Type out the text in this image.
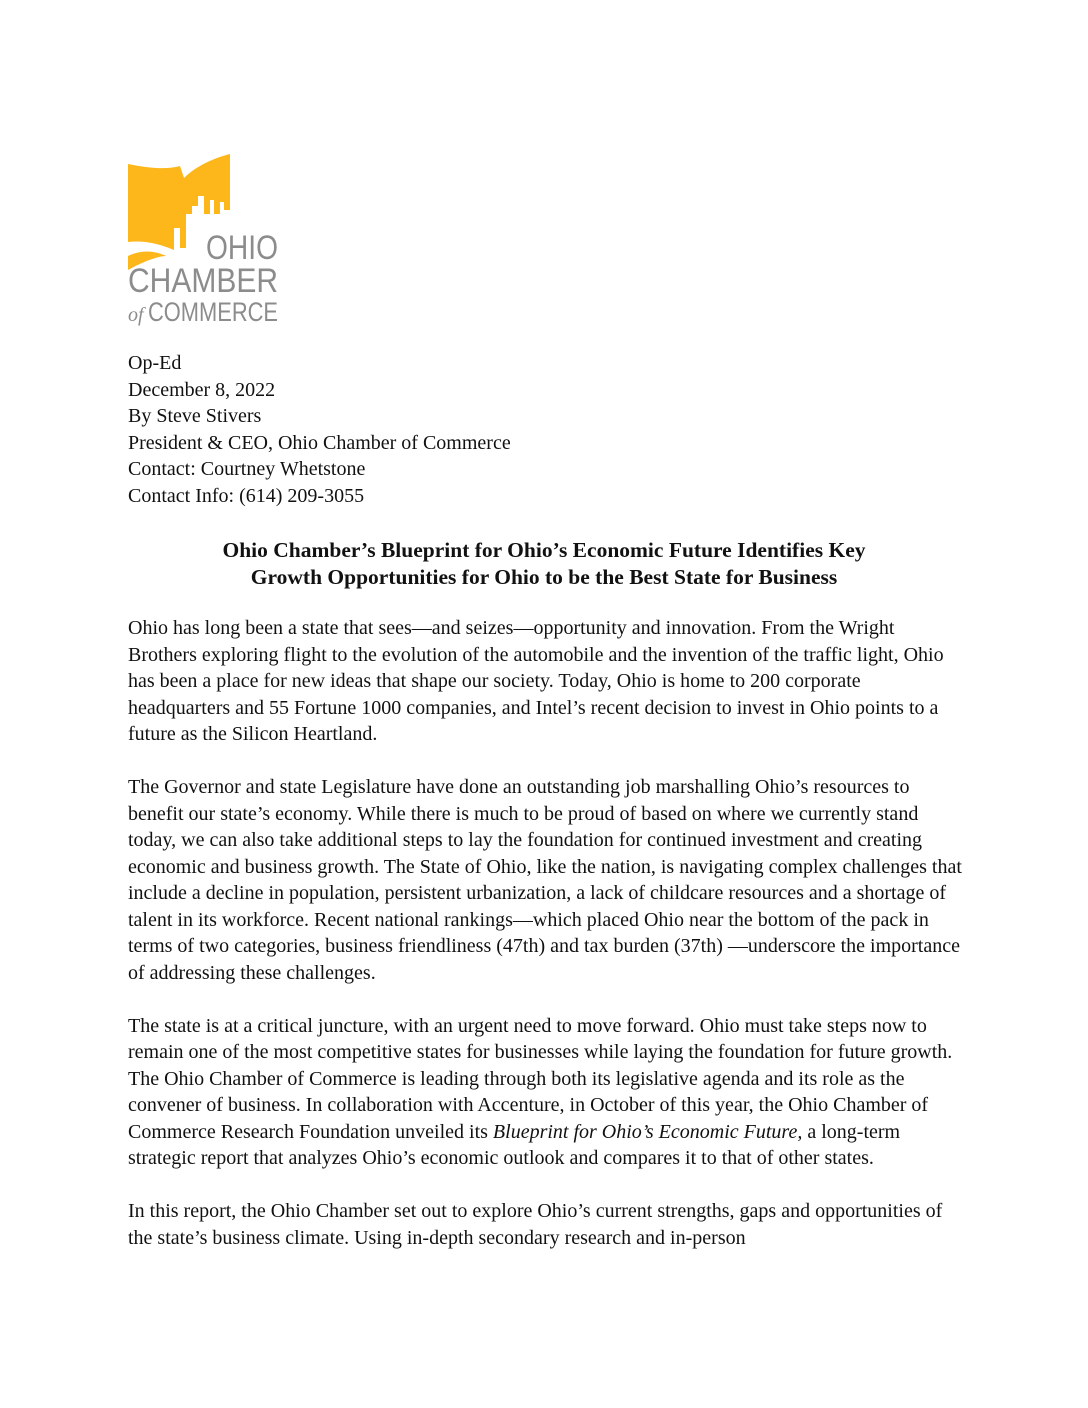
OHIO
CHAMBER
of COMMERCE
Op-Ed
December 8, 2022
By Steve Stivers
President & CEO, Ohio Chamber of Commerce
Contact: Courtney Whetstone
Contact Info: (614) 209-3055
Ohio Chamber’s Blueprint for Ohio’s Economic Future Identifies Key
Growth Opportunities for Ohio to be the Best State for Business

Ohio has long been a state that sees—and seizes—opportunity and innovation. From the Wright Brothers exploring flight to the evolution of the automobile and the invention of the traffic light, Ohio has been a place for new ideas that shape our society. Today, Ohio is home to 200 corporate headquarters and 55 Fortune 1000 companies, and Intel’s recent decision to invest in Ohio points to a future as the Silicon Heartland.

The Governor and state Legislature have done an outstanding job marshalling Ohio’s resources to benefit our state’s economy. While there is much to be proud of based on where we currently stand today, we can also take additional steps to lay the foundation for continued investment and creating economic and business growth. The State of Ohio, like the nation, is navigating complex challenges that include a decline in population, persistent urbanization, a lack of childcare resources and a shortage of talent in its workforce. Recent national rankings—which placed Ohio near the bottom of the pack in terms of two categories, business friendliness (47th) and tax burden (37th) —underscore the importance of addressing these challenges.

The state is at a critical juncture, with an urgent need to move forward. Ohio must take steps now to remain one of the most competitive states for businesses while laying the foundation for future growth. The Ohio Chamber of Commerce is leading through both its legislative agenda and its role as the convener of business. In collaboration with Accenture, in October of this year, the Ohio Chamber of Commerce Research Foundation unveiled its Blueprint for Ohio’s Economic Future, a long-term strategic report that analyzes Ohio’s economic outlook and compares it to that of other states.

In this report, the Ohio Chamber set out to explore Ohio’s current strengths, gaps and opportunities of the state’s business climate. Using in-depth secondary research and in-person
